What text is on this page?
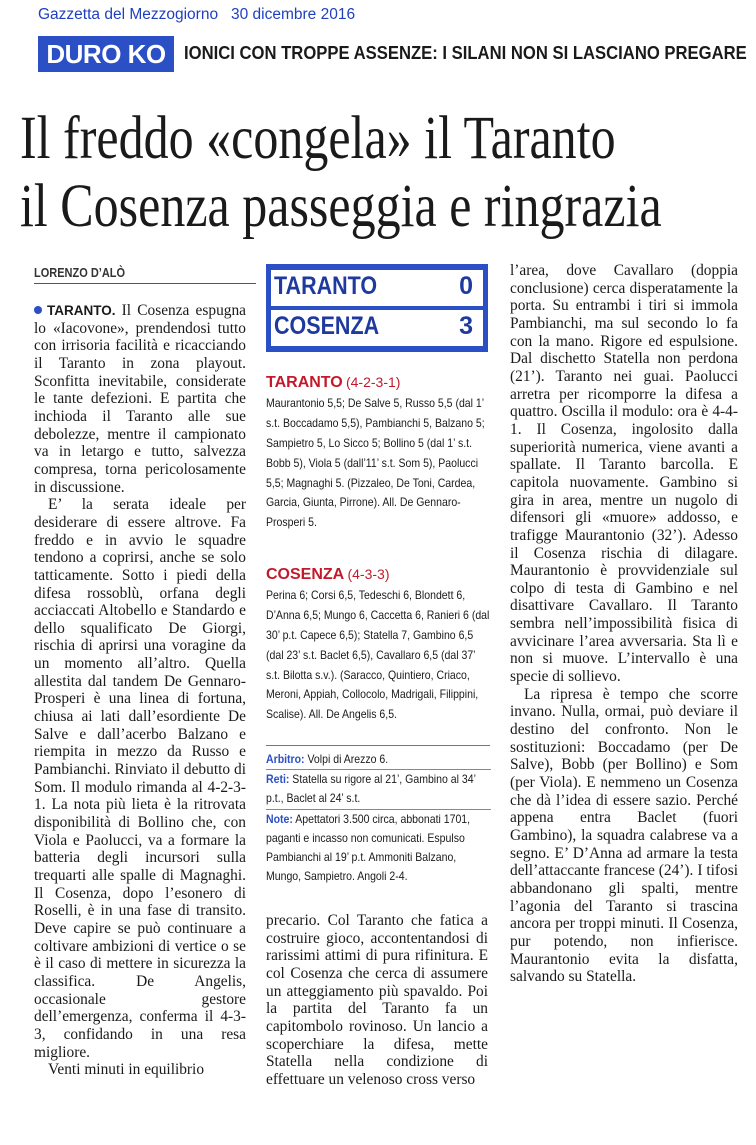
Gazzetta del Mezzogiorno   30 dicembre 2016
DURO KO IONICI CON TROPPE ASSENZE: I SILANI NON SI LASCIANO PREGARE
Il freddo «congela» il Taranto
il Cosenza passeggia e ringrazia
LORENZO D’ALÒ

TARANTO. Il Cosenza espugna lo «Iacovone», prendendosi tutto con irrisoria facilità e ricacciando il Taranto in zona playout. Sconfitta inevitabile, considerate le tante defezioni. E partita che inchioda il Taranto alle sue debolezze, mentre il campionato va in letargo e tutto, salvezza compresa, torna pericolosamente in discussione.

E’ la serata ideale per desiderare di essere altrove. Fa freddo e in avvio le squadre tendono a coprirsi, anche se solo tatticamente. Sotto i piedi della difesa rossoblù, orfana degli acciaccati Altobello e Standardo e dello squalificato De Giorgi, rischia di aprirsi una voragine da un momento all’altro. Quella allestita dal tandem De Gennaro-Prosperi è una linea di fortuna, chiusa ai lati dall’esordiente De Salve e dall’acerbo Balzano e riempita in mezzo da Russo e Pambianchi. Rinviato il debutto di Som. Il modulo rimanda al 4-2-3-1. La nota più lieta è la ritrovata disponibilità di Bollino che, con Viola e Paolucci, va a formare la batteria degli incursori sulla trequarti alle spalle di Magnaghi. Il Cosenza, dopo l’esonero di Roselli, è in una fase di transito. Deve capire se può continuare a coltivare ambizioni di vertice o se è il caso di mettere in sicurezza la classifica. De Angelis, occasionale gestore dell’emergenza, conferma il 4-3-3, confidando in una resa migliore.

Venti minuti in equilibrio

TARANTO	0
COSENZA	3
TARANTO (4-2-3-1)
Maurantonio 5,5; De Salve 5, Russo 5,5 (dal 1’ s.t. Boccadamo 5,5), Pambianchi 5, Balzano 5; Sampietro 5, Lo Sicco 5; Bollino 5 (dal 1’ s.t. Bobb 5), Viola 5 (dall’11’ s.t. Som 5), Paolucci 5,5; Magnaghi 5. (Pizzaleo, De Toni, Cardea, Garcia, Giunta, Pirrone). All. De Gennaro-Prosperi 5.
COSENZA (4-3-3)
Perina 6; Corsi 6,5, Tedeschi 6, Blondett 6, D’Anna 6,5; Mungo 6, Caccetta 6, Ranieri 6 (dal 30’ p.t. Capece 6,5); Statella 7, Gambino 6,5 (dal 23’ s.t. Baclet 6,5), Cavallaro 6,5 (dal 37’ s.t. Bilotta s.v.). (Saracco, Quintiero, Criaco, Meroni, Appiah, Collocolo, Madrigali, Filippini, Scalise). All. De Angelis 6,5.
Arbitro: Volpi di Arezzo 6.
Reti: Statella su rigore al 21’, Gambino al 34’ p.t., Baclet al 24’ s.t.
Note: Apettatori 3.500 circa, abbonati 1701, paganti e incasso non comunicati. Espulso Pambianchi al 19’ p.t. Ammoniti Balzano, Mungo, Sampietro. Angoli 2-4.

precario. Col Taranto che fatica a costruire gioco, accontentandosi di rarissimi attimi di pura rifinitura. E col Cosenza che cerca di assumere un atteggiamento più spavaldo. Poi la partita del Taranto fa un capitombolo rovinoso. Un lancio a scoperchiare la difesa, mette Statella nella condizione di effettuare un velenoso cross verso

l’area, dove Cavallaro (doppia conclusione) cerca disperatamente la porta. Su entrambi i tiri si immola Pambianchi, ma sul secondo lo fa con la mano. Rigore ed espulsione. Dal dischetto Statella non perdona (21’). Taranto nei guai. Paolucci arretra per ricomporre la difesa a quattro. Oscilla il modulo: ora è 4-4-1. Il Cosenza, ingolosito dalla superiorità numerica, viene avanti a spallate. Il Taranto barcolla. E capitola nuovamente. Gambino si gira in area, mentre un nugolo di difensori gli «muore» addosso, e trafigge Maurantonio (32’). Adesso il Cosenza rischia di dilagare. Maurantonio è provvidenziale sul colpo di testa di Gambino e nel disattivare Cavallaro. Il Taranto sembra nell’impossibilità fisica di avvicinare l’area avversaria. Sta lì e non si muove. L’intervallo è una specie di sollievo.

La ripresa è tempo che scorre invano. Nulla, ormai, può deviare il destino del confronto. Non le sostituzioni: Boccadamo (per De Salve), Bobb (per Bollino) e Som (per Viola). E nemmeno un Cosenza che dà l’idea di essere sazio. Perché appena entra Baclet (fuori Gambino), la squadra calabrese va a segno. E’ D’Anna ad armare la testa dell’attaccante francese (24’). I tifosi abbandonano gli spalti, mentre l’agonia del Taranto si trascina ancora per troppi minuti. Il Cosenza, pur potendo, non infierisce. Maurantonio evita la disfatta, salvando su Statella.
